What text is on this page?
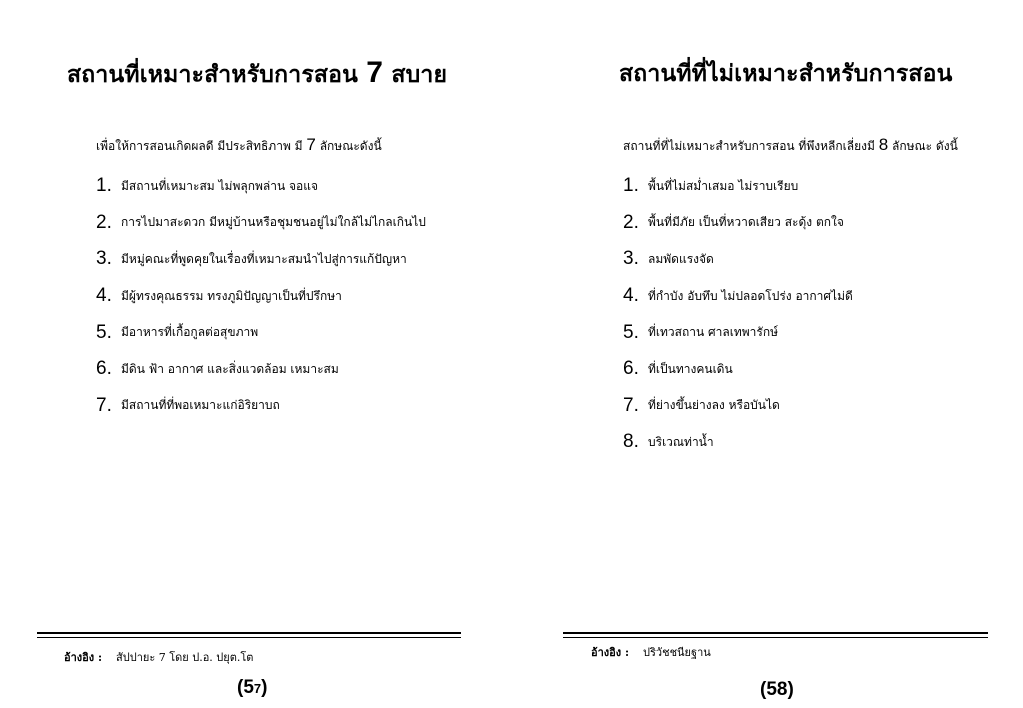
สถานที่เหมาะสำหรับการสอน 7 สบาย

เพื่อให้การสอนเกิดผลดี มีประสิทธิภาพ มี 7 ลักษณะดังนี้

1. มีสถานที่เหมาะสม ไม่พลุกพล่าน จอแจ
2. การไปมาสะดวก มีหมู่บ้านหรือชุมชนอยู่ไม่ใกล้ไม่ไกลเกินไป
3. มีหมู่คณะที่พูดคุยในเรื่องที่เหมาะสมนำไปสู่การแก้ปัญหา
4. มีผู้ทรงคุณธรรม ทรงภูมิปัญญาเป็นที่ปรึกษา
5. มีอาหารที่เกื้อกูลต่อสุขภาพ
6. มีดิน ฟ้า อากาศ และสิ่งแวดล้อม เหมาะสม
7. มีสถานที่ที่พอเหมาะแก่อิริยาบถ
อ้างอิง : สัปปายะ 7 โดย ป.อ. ปยุต.โต
(57)
สถานที่ที่ไม่เหมาะสำหรับการสอน

สถานที่ที่ไม่เหมาะสำหรับการสอน ที่พึงหลีกเลี่ยงมี 8 ลักษณะ ดังนี้

1. พื้นที่ไม่สม่ำเสมอ ไม่ราบเรียบ
2. พื้นที่มีภัย เป็นที่หวาดเสียว สะดุ้ง ตกใจ
3. ลมพัดแรงจัด
4. ที่กำบัง อับทึบ ไม่ปลอดโปร่ง อากาศไม่ดี
5. ที่เทวสถาน ศาลเทพารักษ์
6. ที่เป็นทางคนเดิน
7. ที่ย่างขึ้นย่างลง หรือบันได
8. บริเวณท่าน้ำ
อ้างอิง : ปริวัชชนียฐาน
(58)
